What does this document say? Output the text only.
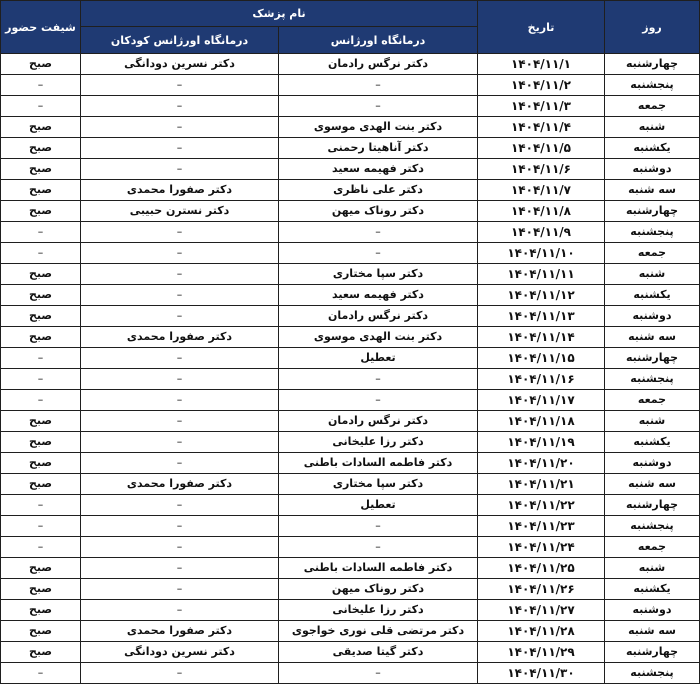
روز	تاریخ	نام پزشک		شیفت حضور
		درمانگاه اورژانس	درمانگاه اورژانس کودکان	
چهارشنبه	۱۴۰۴/۱۱/۱	دکتر نرگس رادمان	دکتر نسرین دودانگی	صبح
پنجشنبه	۱۴۰۴/۱۱/۲	–	–	–
جمعه	۱۴۰۴/۱۱/۳	–	–	–
شنبه	۱۴۰۴/۱۱/۴	دکتر بنت الهدی موسوی	–	صبح
یکشنبه	۱۴۰۴/۱۱/۵	دکتر آناهیتا رحمنی	–	صبح
دوشنبه	۱۴۰۴/۱۱/۶	دکتر فهیمه سعید	–	صبح
سه شنبه	۱۴۰۴/۱۱/۷	دکتر علی ناظری	دکتر صفورا محمدی	صبح
چهارشنبه	۱۴۰۴/۱۱/۸	دکتر روناک میهن	دکتر نسترن حبیبی	صبح
پنجشنبه	۱۴۰۴/۱۱/۹	–	–	–
جمعه	۱۴۰۴/۱۱/۱۰	–	–	–
شنبه	۱۴۰۴/۱۱/۱۱	دکتر سپا مختاری	–	صبح
یکشنبه	۱۴۰۴/۱۱/۱۲	دکتر فهیمه سعید	–	صبح
دوشنبه	۱۴۰۴/۱۱/۱۳	دکتر نرگس رادمان	–	صبح
سه شنبه	۱۴۰۴/۱۱/۱۴	دکتر بنت الهدی موسوی	دکتر صفورا محمدی	صبح
چهارشنبه	۱۴۰۴/۱۱/۱۵	تعطیل	–	–
پنجشنبه	۱۴۰۴/۱۱/۱۶	–	–	–
جمعه	۱۴۰۴/۱۱/۱۷	–	–	–
شنبه	۱۴۰۴/۱۱/۱۸	دکتر نرگس رادمان	–	صبح
یکشنبه	۱۴۰۴/۱۱/۱۹	دکتر رزا علیخانی	–	صبح
دوشنبه	۱۴۰۴/۱۱/۲۰	دکتر فاطمه السادات باطنی	–	صبح
سه شنبه	۱۴۰۴/۱۱/۲۱	دکتر سپا مختاری	دکتر صفورا محمدی	صبح
چهارشنبه	۱۴۰۴/۱۱/۲۲	تعطیل	–	–
پنجشنبه	۱۴۰۴/۱۱/۲۳	–	–	–
جمعه	۱۴۰۴/۱۱/۲۴	–	–	–
شنبه	۱۴۰۴/۱۱/۲۵	دکتر فاطمه السادات باطنی	–	صبح
یکشنبه	۱۴۰۴/۱۱/۲۶	دکتر روناک میهن	–	صبح
دوشنبه	۱۴۰۴/۱۱/۲۷	دکتر رزا علیخانی	–	صبح
سه شنبه	۱۴۰۴/۱۱/۲۸	دکتر مرتضی قلی نوری خواجوی	دکتر صفورا محمدی	صبح
چهارشنبه	۱۴۰۴/۱۱/۲۹	دکتر گیتا صدیقی	دکتر نسرین دودانگی	صبح
پنجشنبه	۱۴۰۴/۱۱/۳۰	–	–	–
